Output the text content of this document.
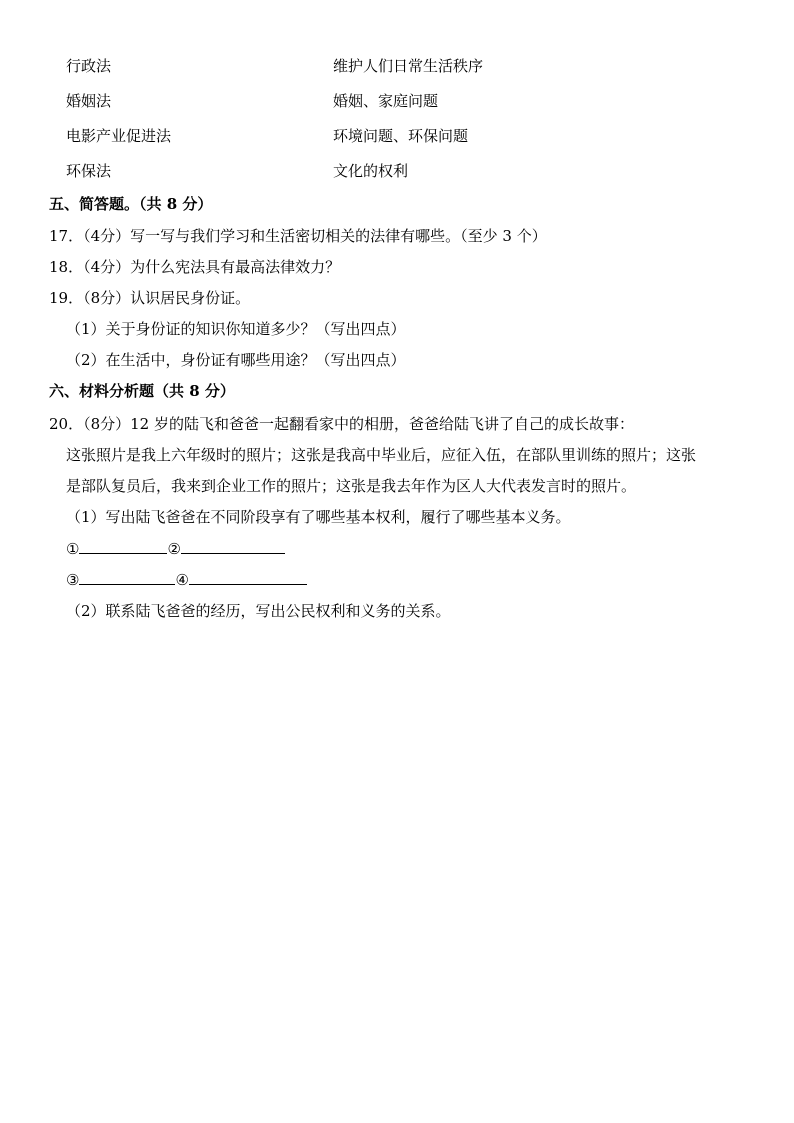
行政法	维护人们日常生活秩序
婚姻法	婚姻、家庭问题
电影产业促进法	环境问题、环保问题
环保法	文化的权利
五、简答题。（共 8 分）
17．（4分）写一写与我们学习和生活密切相关的法律有哪些。（至少 3 个）
18．（4分）为什么宪法具有最高法律效力？
19．（8分）认识居民身份证。
（1）关于身份证的知识你知道多少？（写出四点）
（2）在生活中，身份证有哪些用途？（写出四点）
六、材料分析题（共 8 分）
20．（8分）12 岁的陆飞和爸爸一起翻看家中的相册，爸爸给陆飞讲了自己的成长故事：
这张照片是我上六年级时的照片；这张是我高中毕业后，应征入伍，在部队里训练的照片；这张
是部队复员后，我来到企业工作的照片；这张是我去年作为区人大代表发言时的照片。
（1）写出陆飞爸爸在不同阶段享有了哪些基本权利，履行了哪些基本义务。
①	②
③	④
（2）联系陆飞爸爸的经历，写出公民权利和义务的关系。
